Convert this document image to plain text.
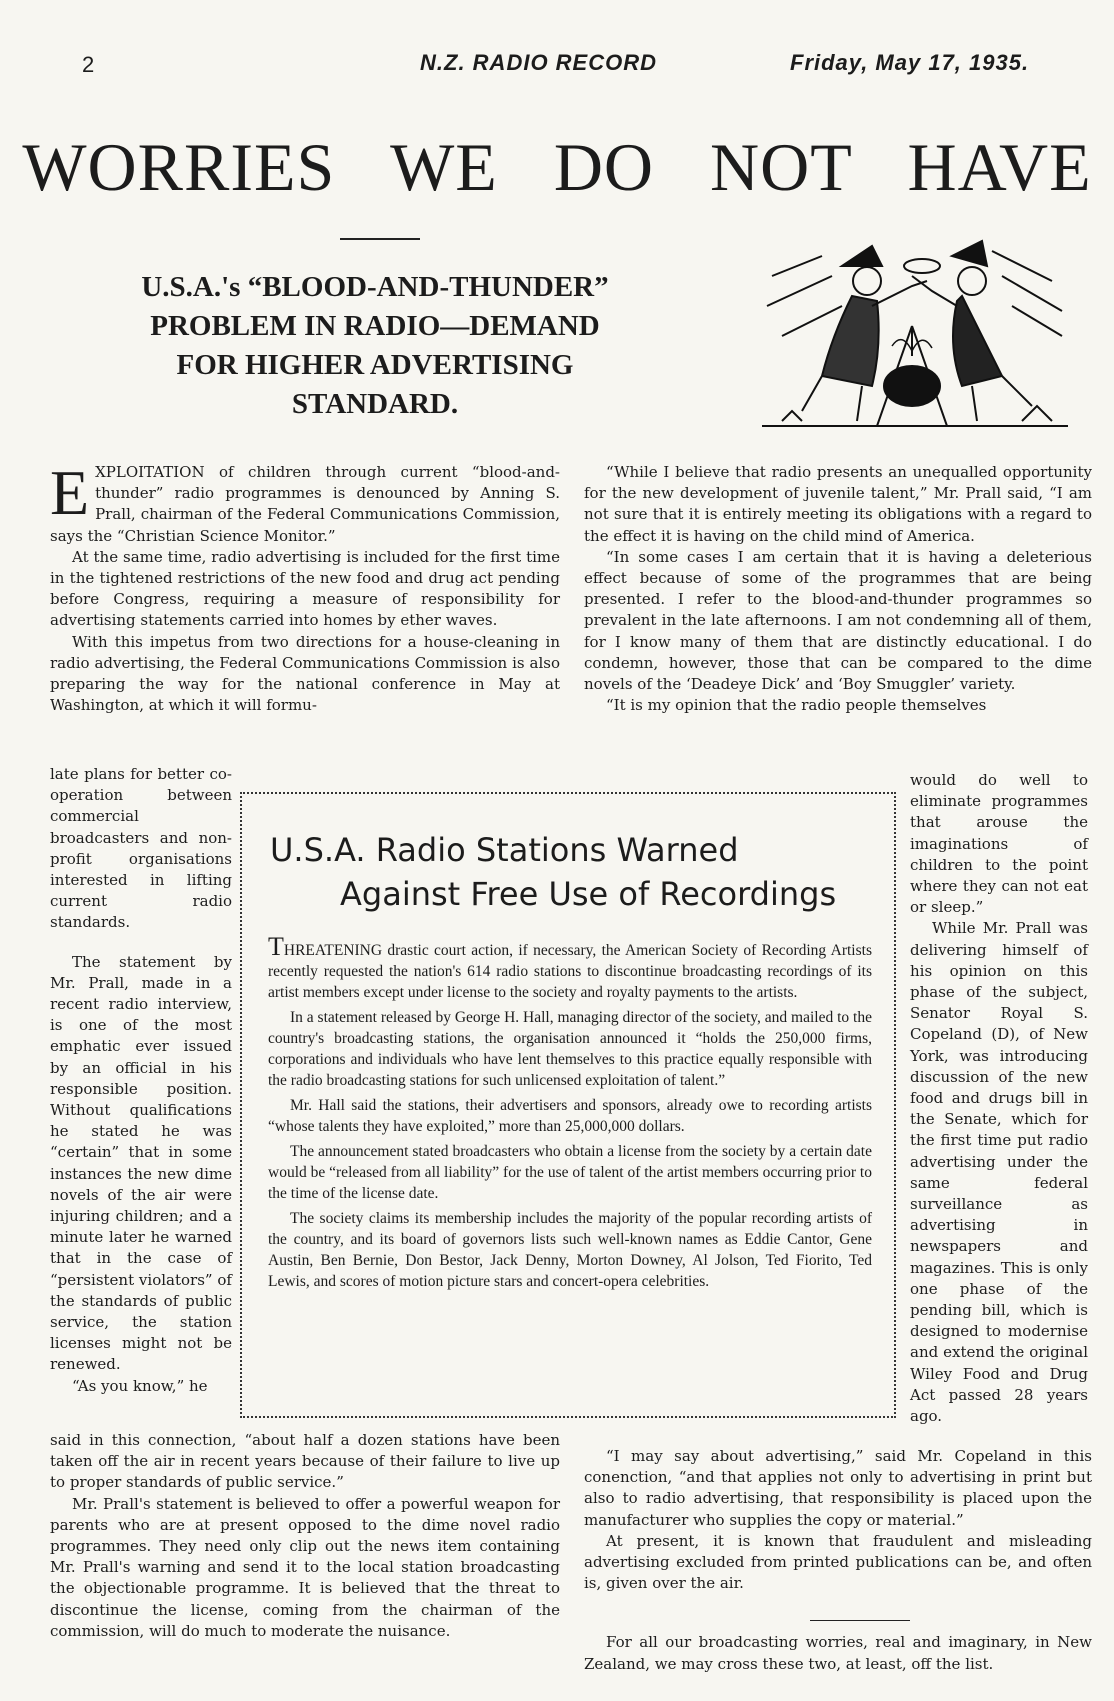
2	N.Z. RADIO RECORD	Friday, May 17, 1935.
WORRIES WE DO NOT HAVE
U.S.A.'s “BLOOD-AND-THUNDER”
PROBLEM IN RADIO—DEMAND
FOR HIGHER ADVERTISING
STANDARD.

EXPLOITATION of children through current “blood-and-thunder” radio programmes is denounced by Anning S. Prall, chairman of the Federal Communications Commission, says the “Christian Science Monitor.”

At the same time, radio advertising is included for the first time in the tightened restrictions of the new food and drug act pending before Congress, requiring a measure of responsibility for advertising statements carried into homes by ether waves.

With this impetus from two directions for a house-cleaning in radio advertising, the Federal Communications Commission is also preparing the way for the national conference in May at Washington, at which it will formu-

late plans for better co-operation between commercial broadcasters and non-profit organisations interested in lifting current radio standards.

The statement by Mr. Prall, made in a recent radio interview, is one of the most emphatic ever issued by an official in his responsible position. Without qualifications he stated he was “certain” that in some instances the new dime novels of the air were injuring children; and a minute later he warned that in the case of “persistent violators” of the standards of public service, the station licenses might not be renewed.

“As you know,” he

said in this connection, “about half a dozen stations have been taken off the air in recent years because of their failure to live up to proper standards of public service.”

Mr. Prall's statement is believed to offer a powerful weapon for parents who are at present opposed to the dime novel radio programmes. They need only clip out the news item containing Mr. Prall's warning and send it to the local station broadcasting the objectionable programme. It is believed that the threat to discontinue the license, coming from the chairman of the commission, will do much to moderate the nuisance.

“While I believe that radio presents an unequalled opportunity for the new development of juvenile talent,” Mr. Prall said, “I am not sure that it is entirely meeting its obligations with a regard to the effect it is having on the child mind of America.

“In some cases I am certain that it is having a deleterious effect because of some of the programmes that are being presented. I refer to the blood-and-thunder programmes so prevalent in the late afternoons. I am not condemning all of them, for I know many of them that are distinctly educational. I do condemn, however, those that can be compared to the dime novels of the ‘Deadeye Dick’ and ‘Boy Smuggler’ variety.

“It is my opinion that the radio people themselves

would do well to eliminate programmes that arouse the imaginations of children to the point where they can not eat or sleep.”

While Mr. Prall was delivering himself of his opinion on this phase of the subject, Senator Royal S. Copeland (D), of New York, was introducing discussion of the new food and drugs bill in the Senate, which for the first time put radio advertising under the same federal surveillance as advertising in newspapers and magazines. This is only one phase of the pending bill, which is designed to modernise and extend the original Wiley Food and Drug Act passed 28 years ago.

“I may say about advertising,” said Mr. Copeland in this conenction, “and that applies not only to advertising in print but also to radio advertising, that responsibility is placed upon the manufacturer who supplies the copy or material.”

At present, it is known that fraudulent and misleading advertising excluded from printed publications can be, and often is, given over the air.

For all our broadcasting worries, real and imaginary, in New Zealand, we may cross these two, at least, off the list.

U.S.A. Radio Stations Warned
Against Free Use of Recordings

THREATENING drastic court action, if necessary, the American Society of Recording Artists recently requested the nation's 614 radio stations to discontinue broadcasting recordings of its artist members except under license to the society and royalty payments to the artists.

In a statement released by George H. Hall, managing director of the society, and mailed to the country's broadcasting stations, the organisation announced it “holds the 250,000 firms, corporations and individuals who have lent themselves to this practice equally responsible with the radio broadcasting stations for such unlicensed exploitation of talent.”

Mr. Hall said the stations, their advertisers and sponsors, already owe to recording artists “whose talents they have exploited,” more than 25,000,000 dollars.

The announcement stated broadcasters who obtain a license from the society by a certain date would be “released from all liability” for the use of talent of the artist members occurring prior to the time of the license date.

The society claims its membership includes the majority of the popular recording artists of the country, and its board of governors lists such well-known names as Eddie Cantor, Gene Austin, Ben Bernie, Don Bestor, Jack Denny, Morton Downey, Al Jolson, Ted Fiorito, Ted Lewis, and scores of motion picture stars and concert-opera celebrities.
